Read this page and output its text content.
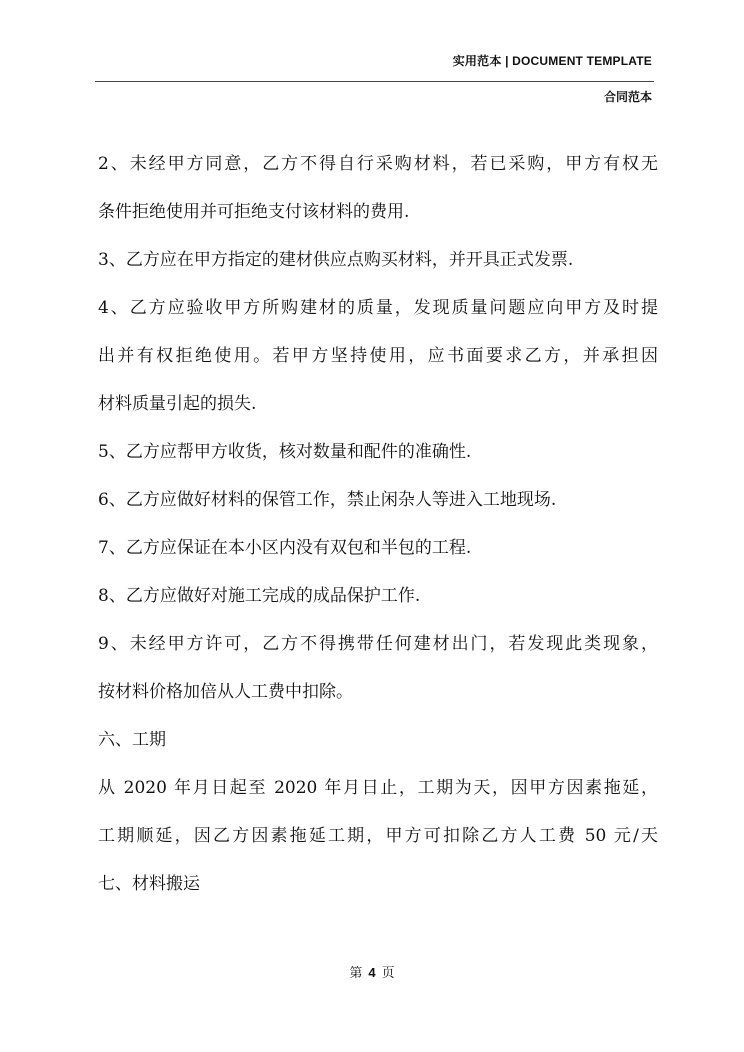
实用范本 | DOCUMENT TEMPLATE
合同范本
2、未经甲方同意，乙方不得自行采购材料，若已采购，甲方有权无
条件拒绝使用并可拒绝支付该材料的费用.
3、乙方应在甲方指定的建材供应点购买材料，并开具正式发票.
4、乙方应验收甲方所购建材的质量，发现质量问题应向甲方及时提
出并有权拒绝使用。若甲方坚持使用，应书面要求乙方，并承担因
材料质量引起的损失.
5、乙方应帮甲方收货，核对数量和配件的准确性.
6、乙方应做好材料的保管工作，禁止闲杂人等进入工地现场.
7、乙方应保证在本小区内没有双包和半包的工程.
8、乙方应做好对施工完成的成品保护工作.
9、未经甲方许可，乙方不得携带任何建材出门，若发现此类现象，
按材料价格加倍从人工费中扣除。
六、工期
从 2020 年月日起至 2020 年月日止，工期为天，因甲方因素拖延，
工期顺延，因乙方因素拖延工期，甲方可扣除乙方人工费 50 元/天
七、材料搬运
第 4 页
